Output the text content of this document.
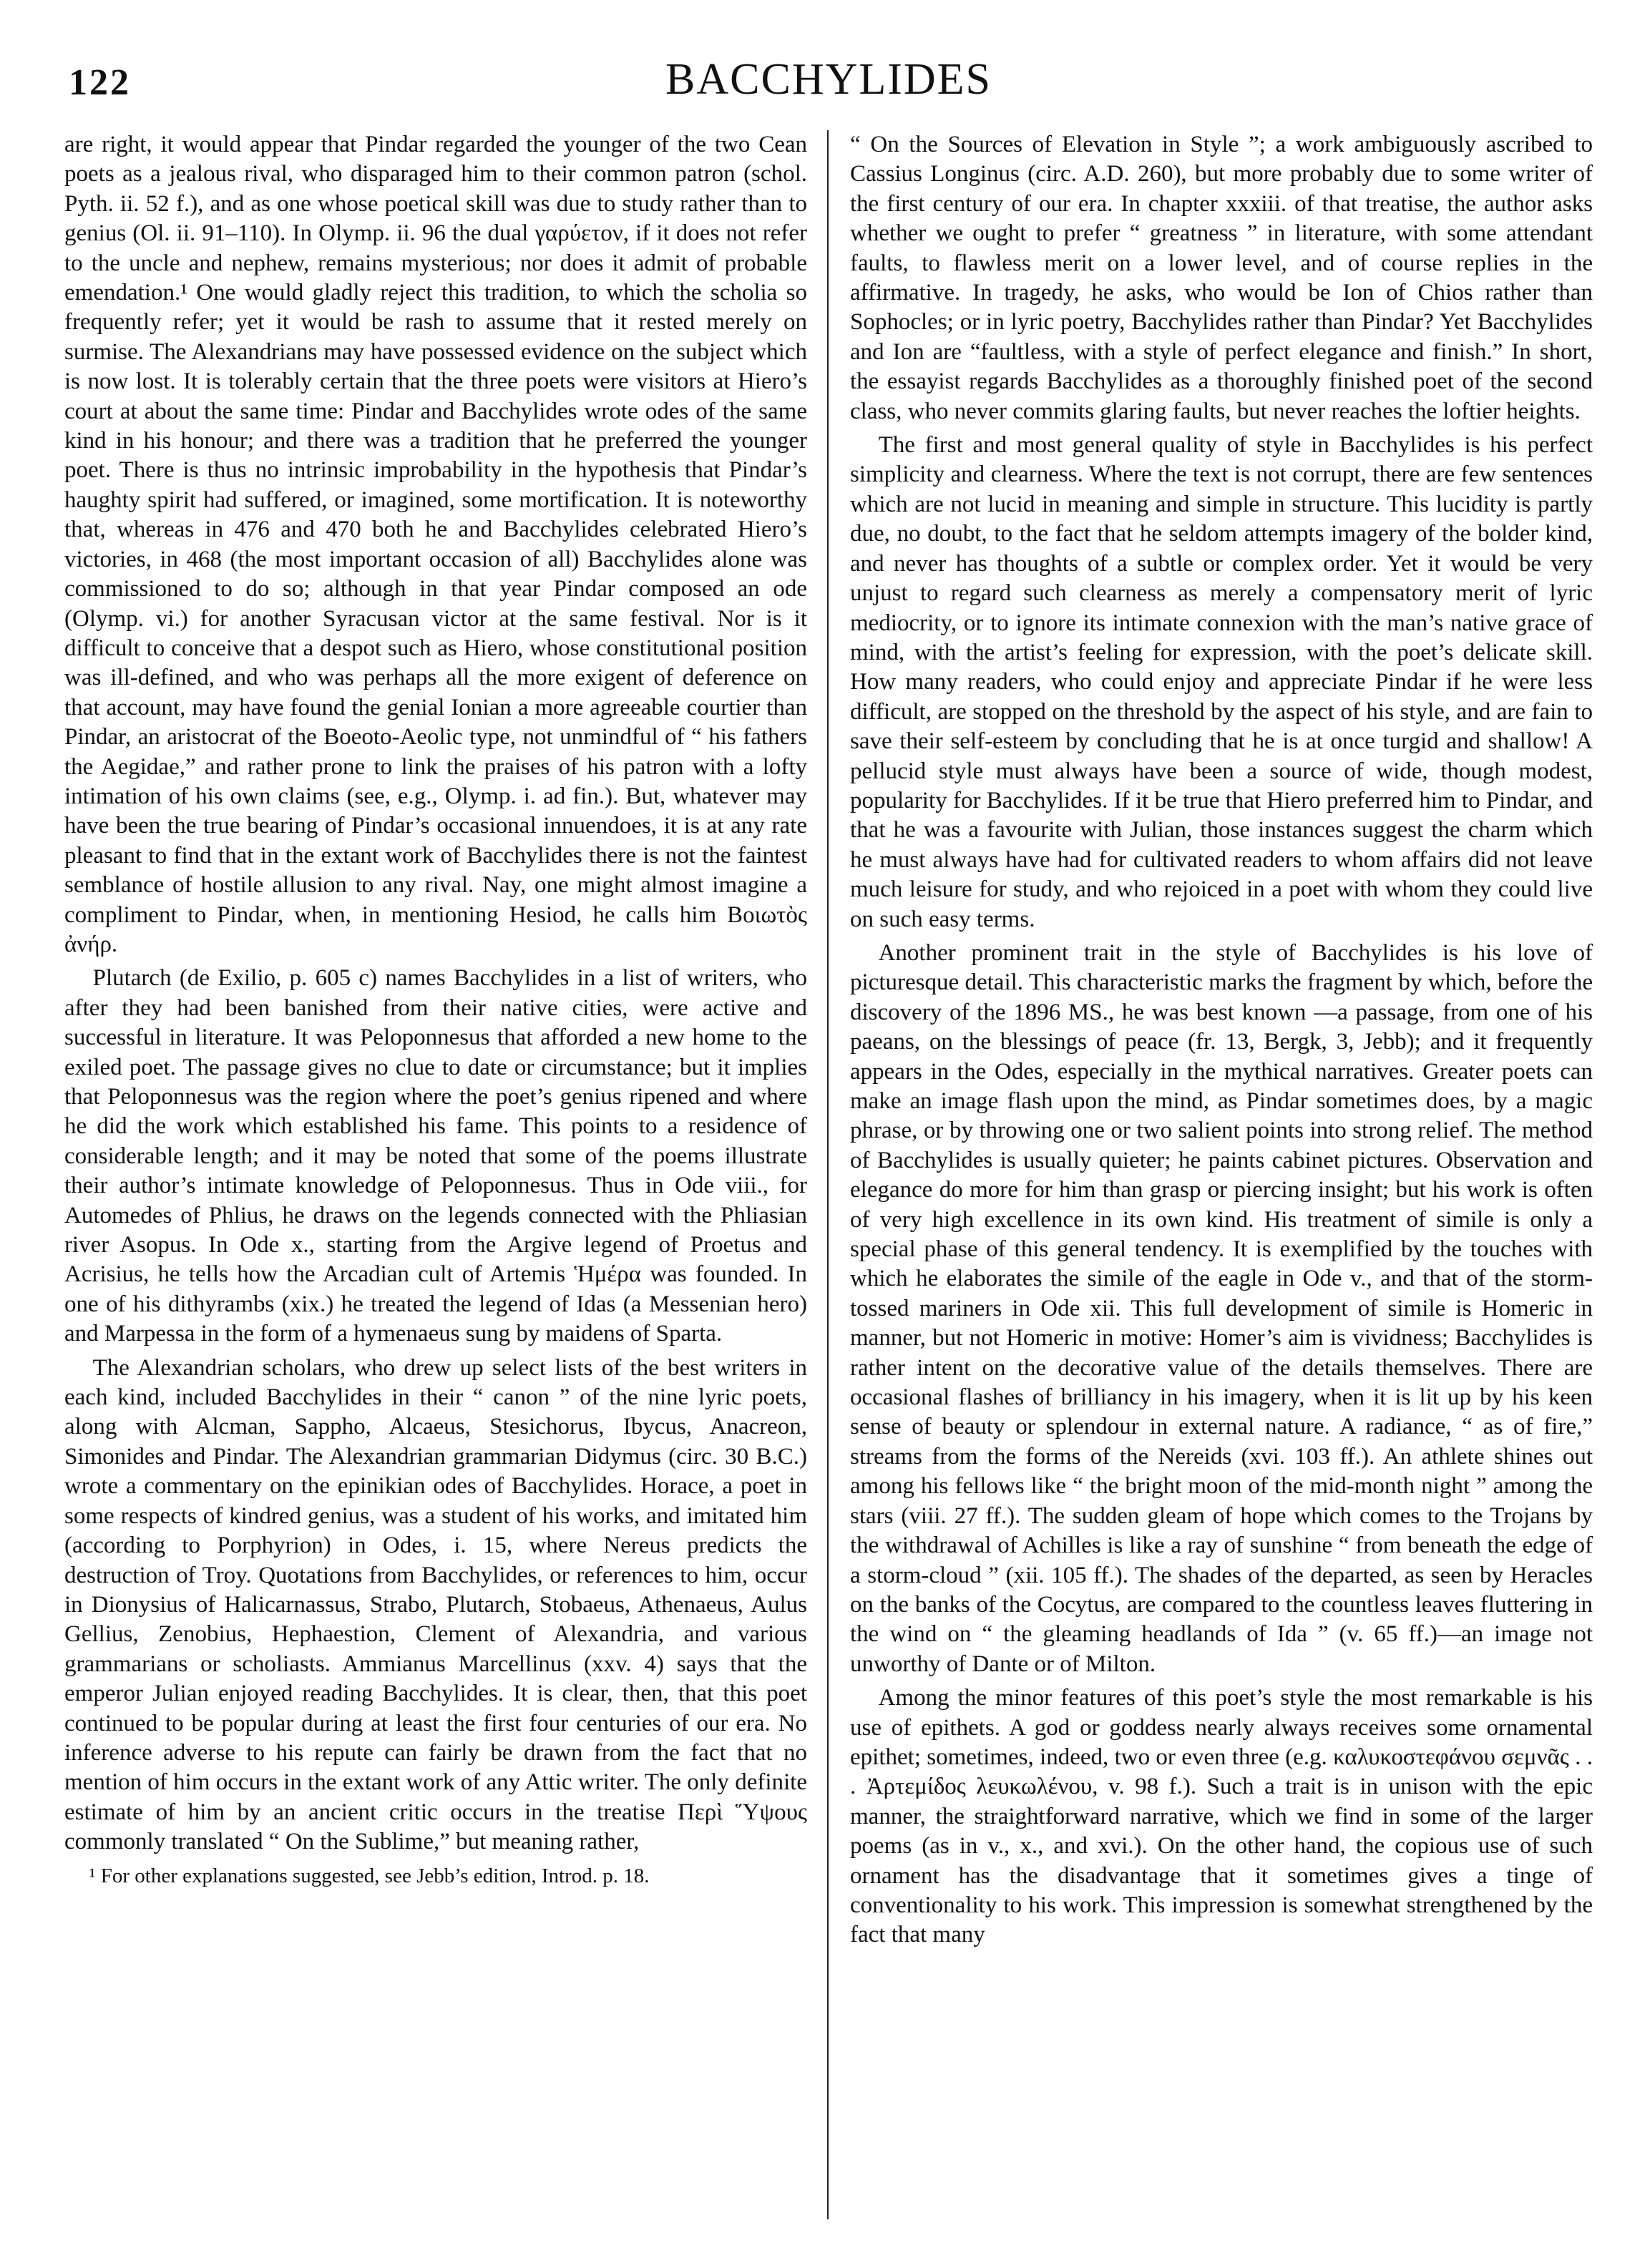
122	BACCHYLIDES

are right, it would appear that Pindar regarded the younger of the two Cean poets as a jealous rival, who disparaged him to their common patron (schol. Pyth. ii. 52 f.), and as one whose poetical skill was due to study rather than to genius (Ol. ii. 91–110). In Olymp. ii. 96 the dual γαρύετον, if it does not refer to the uncle and nephew, remains mysterious; nor does it admit of probable emendation.¹ One would gladly reject this tradition, to which the scholia so frequently refer; yet it would be rash to assume that it rested merely on surmise. The Alexandrians may have possessed evidence on the subject which is now lost. It is tolerably certain that the three poets were visitors at Hiero’s court at about the same time: Pindar and Bacchylides wrote odes of the same kind in his honour; and there was a tradition that he preferred the younger poet. There is thus no intrinsic improbability in the hypothesis that Pindar’s haughty spirit had suffered, or imagined, some mortification. It is noteworthy that, whereas in 476 and 470 both he and Bacchylides celebrated Hiero’s victories, in 468 (the most important occasion of all) Bacchylides alone was commissioned to do so; although in that year Pindar composed an ode (Olymp. vi.) for another Syracusan victor at the same festival. Nor is it difficult to conceive that a despot such as Hiero, whose constitutional position was ill-defined, and who was perhaps all the more exigent of deference on that account, may have found the genial Ionian a more agreeable courtier than Pindar, an aristocrat of the Boeoto-Aeolic type, not unmindful of “ his fathers the Aegidae,” and rather prone to link the praises of his patron with a lofty intimation of his own claims (see, e.g., Olymp. i. ad fin.). But, whatever may have been the true bearing of Pindar’s occasional innuendoes, it is at any rate pleasant to find that in the extant work of Bacchylides there is not the faintest semblance of hostile allusion to any rival. Nay, one might almost imagine a compliment to Pindar, when, in mentioning Hesiod, he calls him Βοιωτὸς ἀνήρ.

Plutarch (de Exilio, p. 605 c) names Bacchylides in a list of writers, who after they had been banished from their native cities, were active and successful in literature. It was Peloponnesus that afforded a new home to the exiled poet. The passage gives no clue to date or circumstance; but it implies that Peloponnesus was the region where the poet’s genius ripened and where he did the work which established his fame. This points to a residence of considerable length; and it may be noted that some of the poems illustrate their author’s intimate knowledge of Peloponnesus. Thus in Ode viii., for Automedes of Phlius, he draws on the legends connected with the Phliasian river Asopus. In Ode x., starting from the Argive legend of Proetus and Acrisius, he tells how the Arcadian cult of Artemis Ἡμέρα was founded. In one of his dithyrambs (xix.) he treated the legend of Idas (a Messenian hero) and Marpessa in the form of a hymenaeus sung by maidens of Sparta.

The Alexandrian scholars, who drew up select lists of the best writers in each kind, included Bacchylides in their “ canon ” of the nine lyric poets, along with Alcman, Sappho, Alcaeus, Stesichorus, Ibycus, Anacreon, Simonides and Pindar. The Alexandrian grammarian Didymus (circ. 30 B.C.) wrote a commentary on the epinikian odes of Bacchylides. Horace, a poet in some respects of kindred genius, was a student of his works, and imitated him (according to Porphyrion) in Odes, i. 15, where Nereus predicts the destruction of Troy. Quotations from Bacchylides, or references to him, occur in Dionysius of Halicarnassus, Strabo, Plutarch, Stobaeus, Athenaeus, Aulus Gellius, Zenobius, Hephaestion, Clement of Alexandria, and various grammarians or scholiasts. Ammianus Marcellinus (xxv. 4) says that the emperor Julian enjoyed reading Bacchylides. It is clear, then, that this poet continued to be popular during at least the first four centuries of our era. No inference adverse to his repute can fairly be drawn from the fact that no mention of him occurs in the extant work of any Attic writer. The only definite estimate of him by an ancient critic occurs in the treatise Περὶ Ὕψους commonly translated “ On the Sublime,” but meaning rather,

¹ For other explanations suggested, see Jebb’s edition, Introd. p. 18.

“ On the Sources of Elevation in Style ”; a work ambiguously ascribed to Cassius Longinus (circ. A.D. 260), but more probably due to some writer of the first century of our era. In chapter xxxiii. of that treatise, the author asks whether we ought to prefer “ greatness ” in literature, with some attendant faults, to flawless merit on a lower level, and of course replies in the affirmative. In tragedy, he asks, who would be Ion of Chios rather than Sophocles; or in lyric poetry, Bacchylides rather than Pindar? Yet Bacchylides and Ion are “faultless, with a style of perfect elegance and finish.” In short, the essayist regards Bacchylides as a thoroughly finished poet of the second class, who never commits glaring faults, but never reaches the loftier heights.

The first and most general quality of style in Bacchylides is his perfect simplicity and clearness. Where the text is not corrupt, there are few sentences which are not lucid in meaning and simple in structure. This lucidity is partly due, no doubt, to the fact that he seldom attempts imagery of the bolder kind, and never has thoughts of a subtle or complex order. Yet it would be very unjust to regard such clearness as merely a compensatory merit of lyric mediocrity, or to ignore its intimate connexion with the man’s native grace of mind, with the artist’s feeling for expression, with the poet’s delicate skill. How many readers, who could enjoy and appreciate Pindar if he were less difficult, are stopped on the threshold by the aspect of his style, and are fain to save their self-esteem by concluding that he is at once turgid and shallow! A pellucid style must always have been a source of wide, though modest, popularity for Bacchylides. If it be true that Hiero preferred him to Pindar, and that he was a favourite with Julian, those instances suggest the charm which he must always have had for cultivated readers to whom affairs did not leave much leisure for study, and who rejoiced in a poet with whom they could live on such easy terms.

Another prominent trait in the style of Bacchylides is his love of picturesque detail. This characteristic marks the fragment by which, before the discovery of the 1896 MS., he was best known —a passage, from one of his paeans, on the blessings of peace (fr. 13, Bergk, 3, Jebb); and it frequently appears in the Odes, especially in the mythical narratives. Greater poets can make an image flash upon the mind, as Pindar sometimes does, by a magic phrase, or by throwing one or two salient points into strong relief. The method of Bacchylides is usually quieter; he paints cabinet pictures. Observation and elegance do more for him than grasp or piercing insight; but his work is often of very high excellence in its own kind. His treatment of simile is only a special phase of this general tendency. It is exemplified by the touches with which he elaborates the simile of the eagle in Ode v., and that of the storm-tossed mariners in Ode xii. This full development of simile is Homeric in manner, but not Homeric in motive: Homer’s aim is vividness; Bacchylides is rather intent on the decorative value of the details themselves. There are occasional flashes of brilliancy in his imagery, when it is lit up by his keen sense of beauty or splendour in external nature. A radiance, “ as of fire,” streams from the forms of the Nereids (xvi. 103 ff.). An athlete shines out among his fellows like “ the bright moon of the mid-month night ” among the stars (viii. 27 ff.). The sudden gleam of hope which comes to the Trojans by the withdrawal of Achilles is like a ray of sunshine “ from beneath the edge of a storm-cloud ” (xii. 105 ff.). The shades of the departed, as seen by Heracles on the banks of the Cocytus, are compared to the countless leaves fluttering in the wind on “ the gleaming headlands of Ida ” (v. 65 ff.)—an image not unworthy of Dante or of Milton.

Among the minor features of this poet’s style the most remarkable is his use of epithets. A god or goddess nearly always receives some ornamental epithet; sometimes, indeed, two or even three (e.g. καλυκοστεφάνου σεμνᾶς . . . Ἀρτεμίδος λευκωλένου, v. 98 f.). Such a trait is in unison with the epic manner, the straightforward narrative, which we find in some of the larger poems (as in v., x., and xvi.). On the other hand, the copious use of such ornament has the disadvantage that it sometimes gives a tinge of conventionality to his work. This impression is somewhat strengthened by the fact that many
